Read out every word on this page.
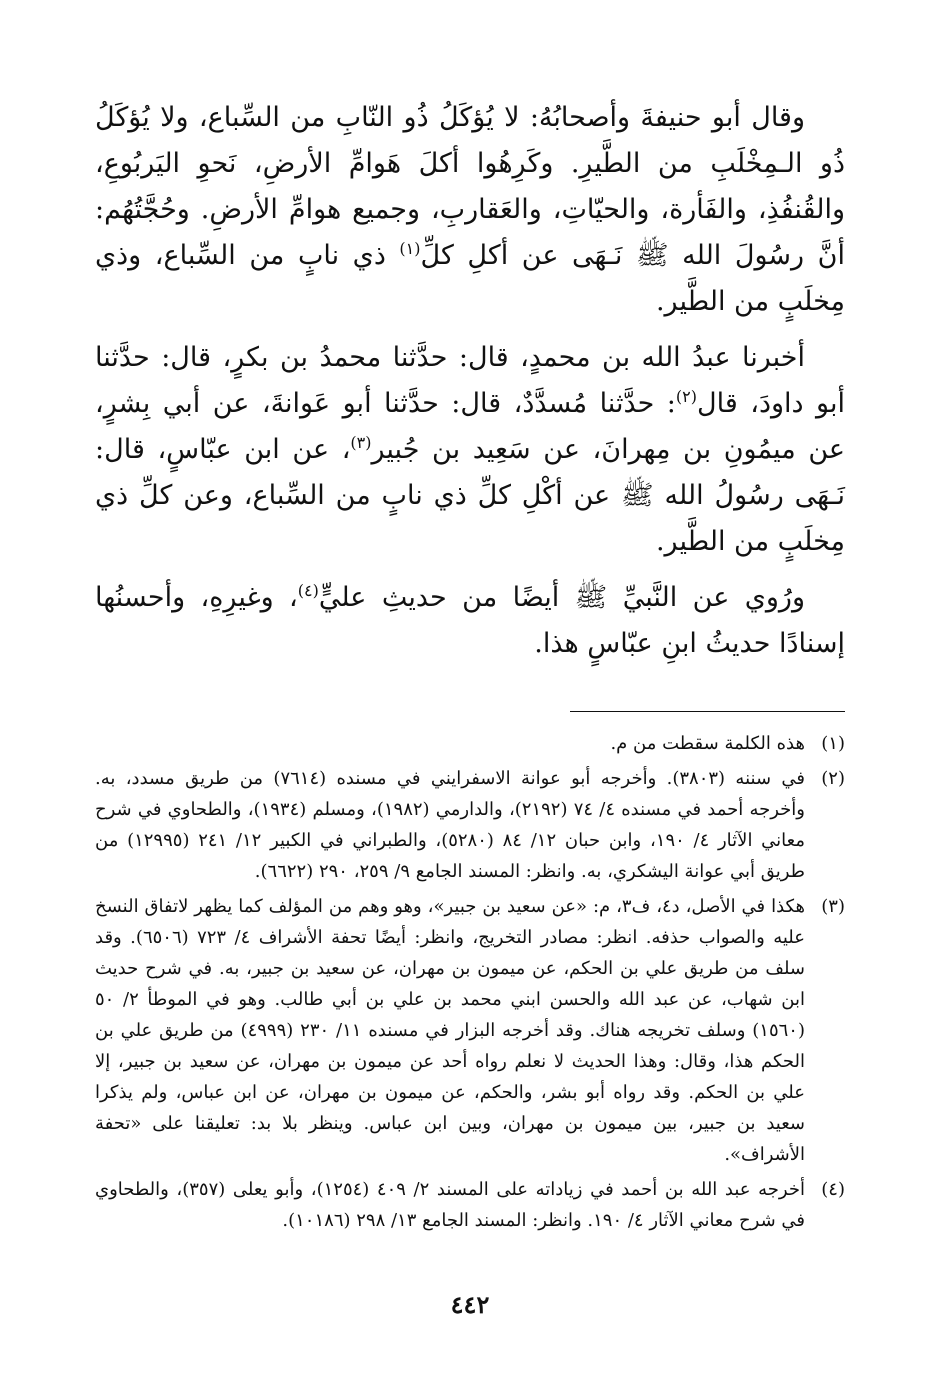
وقال أبو حنيفةَ وأصحابُهُ: لا يُؤكَلُ ذُو النّابِ من السِّباع، ولا يُؤكَلُ ذُو الـمِخْلَبِ من الطَّيرِ. وكَرِهُوا أكلَ هَوامِّ الأرضِ، نَحوِ اليَربُوعِ، والقُنفُذِ، والفَأرة، والحيّاتِ، والعَقاربِ، وجميع هوامِّ الأرضِ. وحُجَّتُهُم: أنَّ رسُولَ الله ﷺ نَـهَى عن أكلِ كلِّ$^{(١)}$ ذي نابٍ من السِّباع، وذي مِخلَبٍ من الطَّير.

أخبرنا عبدُ الله بن محمدٍ، قال: حدَّثنا محمدُ بن بكرٍ، قال: حدَّثنا أبو داودَ، قال$^{(٢)}$: حدَّثنا مُسدَّدٌ، قال: حدَّثنا أبو عَوانةَ، عن أبي بِشرٍ، عن ميمُونِ بن مِهرانَ، عن سَعِيد بن جُبير$^{(٣)}$، عن ابن عبّاسٍ، قال: نَـهَى رسُولُ الله ﷺ عن أكْلِ كلِّ ذي نابٍ من السِّباع، وعن كلِّ ذي مِخلَبٍ من الطَّير.

ورُوي عن النَّبيِّ ﷺ أيضًا من حديثِ عليٍّ$^{(٤)}$، وغيرِهِ، وأحسنُها إسنادًا حديثُ ابنِ عبّاسٍ هذا.

(١)
هذه الكلمة سقطت من م.
(٢)
في سننه (٣٨٠٣). وأخرجه أبو عوانة الاسفرايني في مسنده (٧٦١٤) من طريق مسدد، به. وأخرجه أحمد في مسنده ٤/ ٧٤ (٢١٩٢)، والدارمي (١٩٨٢)، ومسلم (١٩٣٤)، والطحاوي في شرح معاني الآثار ٤/ ١٩٠، وابن حبان ١٢/ ٨٤ (٥٢٨٠)، والطبراني في الكبير ١٢/ ٢٤١ (١٢٩٩٥) من طريق أبي عوانة اليشكري، به. وانظر: المسند الجامع ٩/ ٢٥٩، ٢٩٠ (٦٦٢٢).
(٣)
هكذا في الأصل، د٤، ف٣، م: «عن سعيد بن جبير»، وهو وهم من المؤلف كما يظهر لاتفاق النسخ عليه والصواب حذفه. انظر: مصادر التخريج، وانظر: أيضًا تحفة الأشراف ٤/ ٧٢٣ (٦٥٠٦). وقد سلف من طريق علي بن الحكم، عن ميمون بن مهران، عن سعيد بن جبير، به. في شرح حديث ابن شهاب، عن عبد الله والحسن ابني محمد بن علي بن أبي طالب. وهو في الموطأ ٢/ ٥٠ (١٥٦٠) وسلف تخريجه هناك. وقد أخرجه البزار في مسنده ١١/ ٢٣٠ (٤٩٩٩) من طريق علي بن الحكم هذا، وقال: وهذا الحديث لا نعلم رواه أحد عن ميمون بن مهران، عن سعيد بن جبير، إلا علي بن الحكم. وقد رواه أبو بشر، والحكم، عن ميمون بن مهران، عن ابن عباس، ولم يذكرا سعيد بن جبير، بين ميمون بن مهران، وبين ابن عباس. وينظر بلا بد: تعليقنا على «تحفة الأشراف».
(٤)
أخرجه عبد الله بن أحمد في زياداته على المسند ٢/ ٤٠٩ (١٢٥٤)، وأبو يعلى (٣٥٧)، والطحاوي في شرح معاني الآثار ٤/ ١٩٠. وانظر: المسند الجامع ١٣/ ٢٩٨ (١٠١٨٦).
٤٤٢
